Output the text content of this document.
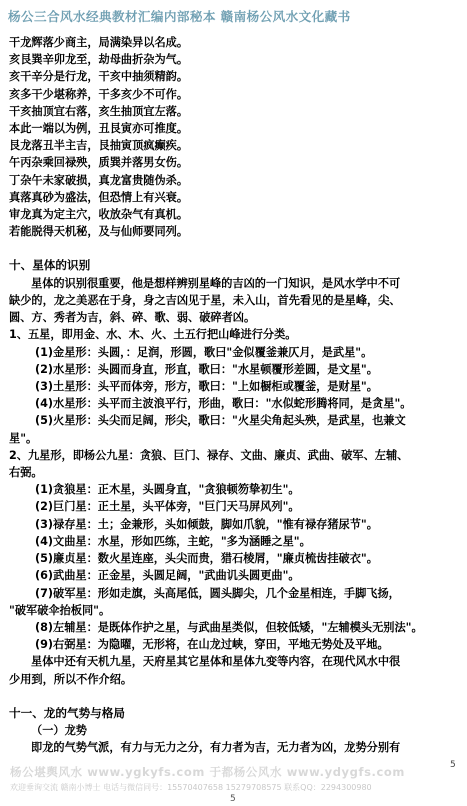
杨公三合风水经典教材汇编内部秘本 赣南杨公风水文化藏书

干龙辉落少商主，局满染异以名成。

亥艮巽辛卯龙至，劫母曲折杂为气。

亥干辛分是行龙，干亥中抽须精韵。

亥多干少堪称养，干多亥少不可作。

干亥抽顶宜右落，亥生抽顶宜左落。

本此一端以为例，丑艮寅亦可推度。

艮龙落丑半主吉，艮抽寅顶疯癫疾。

午丙杂乘回禄殃，质巽并落男女伤。

丁杂午未家破损，真龙富贵随伪杀。

真落真砂为盛法，但恐情上有兴衰。

审龙真为定主穴，收放杂气有真机。

若能脱得天机秘，及与仙师要同列。

十、星体的识别

星体的识别很重要，他是想样辨别星峰的吉凶的一门知识，是风水学中不可

缺少的，龙之美恶在于身，身之吉凶见于星，未入山，首先看见的是星峰，尖、

圆、方、秀者为吉，斜、碎、歌、弱、破碎者凶。

1、五星，即用金、水、木、火、土五行把山峰进行分类。

(1)金星形：头圆，：足润，形圆，歌曰"金似覆釜兼仄月，是武星"。

(2)水星形：头圆而身直，形直，歌曰："水星顿覆形差圆，是文星"。

(3)土星形：头平而体旁，形方，歌曰："上如橱柜或覆釜，是财星"。

(4)水星形：头平而主波浪平行，形曲，歌曰："水似蛇形腾将同，是贪星"。

(5)火星形：头尖而足阔，形尖，歌曰："火星尖角起头殃，是武星，也兼文

星"。

2、九星形，即杨公九星：贪狼、巨门、禄存、文曲、廉贞、武曲、破军、左辅、

右弼。

(1)贪狼星：正木星，头圆身直，"贪狼顿笏挚初生"。

(2)巨门星：正土星，头平体旁，"巨门天马屏风列"。

(3)禄存星：土；金兼形，头如倾鼓，脚如爪貌，"惟有禄存猪尿节"。

(4)文曲星：水星，形如匹练，主蛇，"多为涵睡之星"。

(5)廉贞星：数火星连座，头尖而贵，猎石棱屑，"廉贞梳齿挂破衣"。

(6)武曲星：正金星，头圆足阔，"武曲讥头圆更曲"。

(7)破军星：形如走旗，头高尾低，圆头脚尖，几个金星相连，手脚飞扬，

"破军破伞抬板同"。

(8)左辅星：是既体作护之星，与武曲星类似，但较低矮，"左辅模头无别法"。

(9)右弼星：为隐曜，无形将，在山龙过峡，穿田，平地无势处及平地。

星体中还有天机九星，天府星其它星体和星体九变等内容，在现代风水中很

少用到，所以不作介绍。

十一、龙的气势与格局

（一）龙势

即龙的气势气派，有力与无力之分，有力者为吉，无力者为凶，龙势分别有

5
杨公堪舆风水 www.ygkyfs.com 于都杨公风水 www.ydygfs.com
欢迎垂询交流 赣南小博士 电话与微信同号：15570407658 15279708575 联系QQ：2294300980
5
